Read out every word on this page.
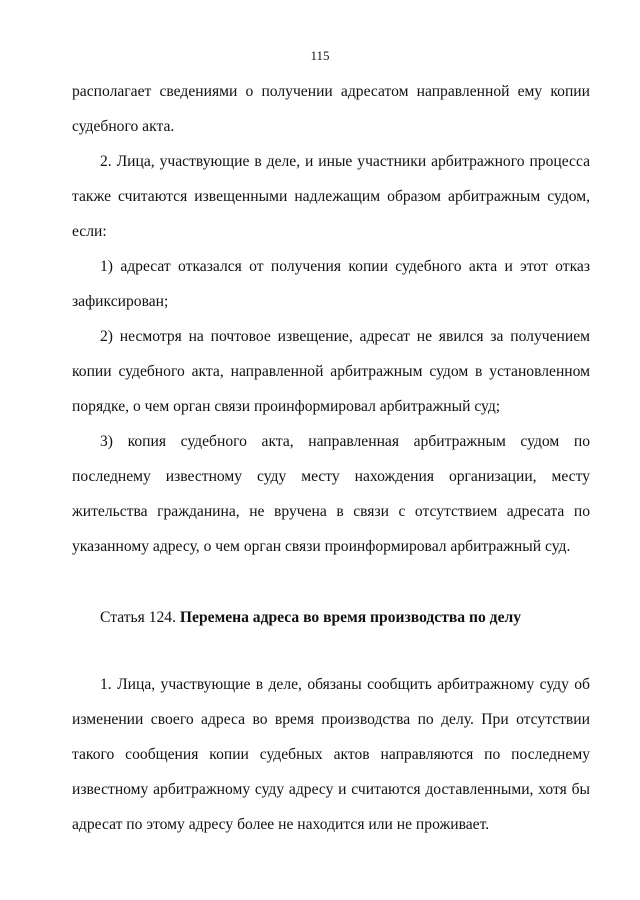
115

располагает сведениями о получении адресатом направленной ему копии судебного акта.

2. Лица, участвующие в деле, и иные участники арбитражного процесса также считаются извещенными надлежащим образом арбитражным судом, если:

1) адресат отказался от получения копии судебного акта и этот отказ зафиксирован;

2) несмотря на почтовое извещение, адресат не явился за получением копии судебного акта, направленной арбитражным судом в установленном порядке, о чем орган связи проинформировал арбитражный суд;

3) копия судебного акта, направленная арбитражным судом по последнему известному суду месту нахождения организации, месту жительства гражданина, не вручена в связи с отсутствием адресата по указанному адресу, о чем орган связи проинформировал арбитражный суд.

Статья 124. Перемена адреса во время производства по делу

1. Лица, участвующие в деле, обязаны сообщить арбитражному суду об изменении своего адреса во время производства по делу. При отсутствии такого сообщения копии судебных актов направляются по последнему известному арбитражному суду адресу и считаются доставленными, хотя бы адресат по этому адресу более не находится или не проживает.
